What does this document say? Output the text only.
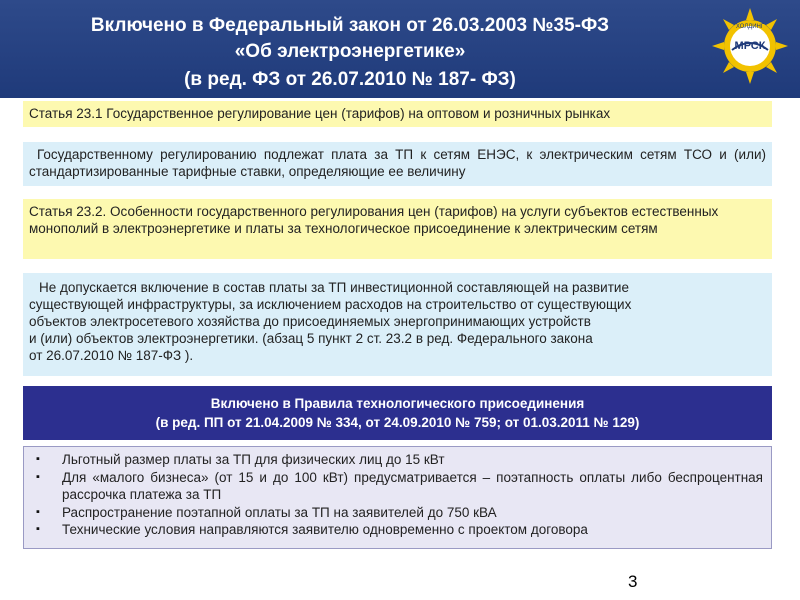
Включено в Федеральный закон от 26.03.2003 №35-ФЗ
«Об электроэнергетике»
(в ред. ФЗ от 26.07.2010 № 187- ФЗ)
ХОЛДИНГ
МРСК
Статья 23.1 Государственное регулирование цен (тарифов) на оптовом и розничных рынках
Государственному регулированию подлежат плата за ТП к сетям ЕНЭС, к электрическим сетям ТСО и (или) стандартизированные тарифные ставки, определяющие ее величину
Статья 23.2. Особенности государственного регулирования цен (тарифов) на услуги субъектов естественных монополий в электроэнергетике и платы за технологическое присоединение к электрическим сетям
Не допускается включение в состав платы за ТП инвестиционной составляющей на развитие
существующей инфраструктуры, за исключением расходов на строительство от существующих
объектов электросетевого хозяйства до присоединяемых энергопринимающих устройств
и (или) объектов электроэнергетики. (абзац 5 пункт 2 ст. 23.2 в ред. Федерального закона
от 26.07.2010 № 187-ФЗ ).
Включено в Правила технологического присоединения
(в ред. ПП от 21.04.2009 № 334, от 24.09.2010 № 759; от 01.03.2011 № 129)
▪	Льготный размер платы за ТП для физических лиц до 15 кВт
▪	Для «малого бизнеса» (от 15 и до 100 кВт) предусматривается – поэтапность оплаты либо беспроцентная рассрочка платежа за ТП
▪	Распространение поэтапной оплаты за ТП на заявителей до 750 кВА
▪	Технические условия направляются заявителю одновременно с проектом договора
3
